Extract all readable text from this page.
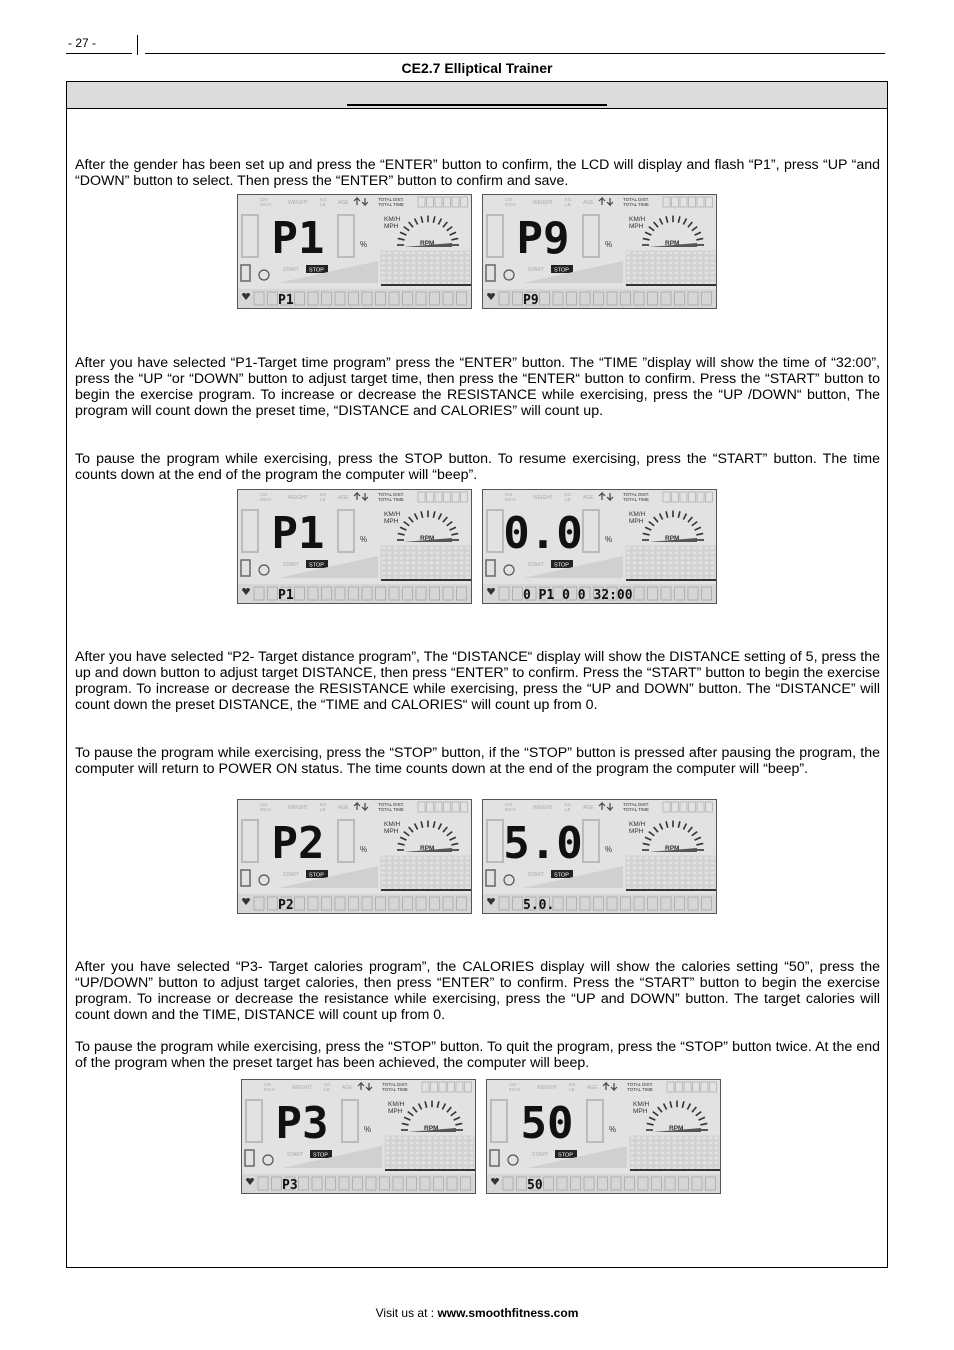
- 27 -
CE2.7 Elliptical Trainer

After the gender has been set up and press the “ENTER” button to confirm, the LCD will display and flash “P1”, press “UP “and “DOWN” button to select. Then press the “ENTER” button to confirm and save.

After you have selected “P1-Target time program” press the “ENTER” button. The “TIME ”display will show the time of “32:00”, press the “UP “or “DOWN” button to adjust target time, then press the “ENTER“ button to confirm. Press the “START” button to begin the exercise program. To increase or decrease the RESISTANCE while exercising, press the “UP /DOWN“ button, The program will count down the preset time, “DISTANCE and CALORIES” will count up.

To pause the program while exercising, press the STOP button. To resume exercising, press the “START” button. The time counts down at the end of the program the computer will “beep”.

After you have selected “P2- Target distance program”, The “DISTANCE“ display will show the DISTANCE setting of 5, press the up and down button to adjust target DISTANCE, then press “ENTER” to confirm. Press the “START” button to begin the exercise program. To increase or decrease the RESISTANCE while exercising, press the “UP and DOWN” button. The “DISTANCE” will count down the preset DISTANCE, the “TIME and CALORIES“ will count up from 0.

To pause the program while exercising, press the “STOP” button, if the “STOP” button is pressed after pausing the program, the computer will return to POWER ON status. The time counts down at the end of the program the computer will “beep”.

After you have selected “P3- Target calories program”, the CALORIES display will show the calories setting “50”, press the “UP/DOWN” button to adjust target calories, then press “ENTER” to confirm. Press the “START” button to begin the exercise program. To increase or decrease the resistance while exercising, press the “UP and DOWN” button. The target calories will count down and the TIME, DISTANCE will count up from 0.

To pause the program while exercising, press the “STOP” button. To quit the program, press the “STOP” button twice. At the end of the program when the preset target has been achieved, the computer will beep.

CM
INCH	WEIGHT
KG
LB AGE
TOTAL DIST.
TOTAL TIME
P1	%
KM/H
MPH
RPM
START STOP
P1
CM
INCH	WEIGHT
KG
LB AGE
TOTAL DIST.
TOTAL TIME
P9	%
KM/H
MPH
RPM
START STOP
P9
CM
INCH	WEIGHT
KG
LB AGE
TOTAL DIST.
TOTAL TIME
P1	%
KM/H
MPH
RPM
START STOP
P1
CM
INCH	WEIGHT
KG
LB AGE
TOTAL DIST.
TOTAL TIME
0.0	%
KM/H
MPH
RPM
START STOP
0 P1 0 0 32:00
CM
INCH	WEIGHT
KG
LB AGE
TOTAL DIST.
TOTAL TIME
P2	%
KM/H
MPH
RPM
START STOP
P2
CM
INCH	WEIGHT
KG
LB AGE
TOTAL DIST.
TOTAL TIME
5.0	%
KM/H
MPH
RPM
START STOP
5.0.
CM
INCH	WEIGHT
KG
LB AGE
TOTAL DIST.
TOTAL TIME
P3	%
KM/H
MPH
RPM
START STOP
P3
CM
INCH	WEIGHT
KG
LB AGE
TOTAL DIST.
TOTAL TIME
50	%
KM/H
MPH
RPM
START STOP
50
Visit us at : www.smoothfitness.com
